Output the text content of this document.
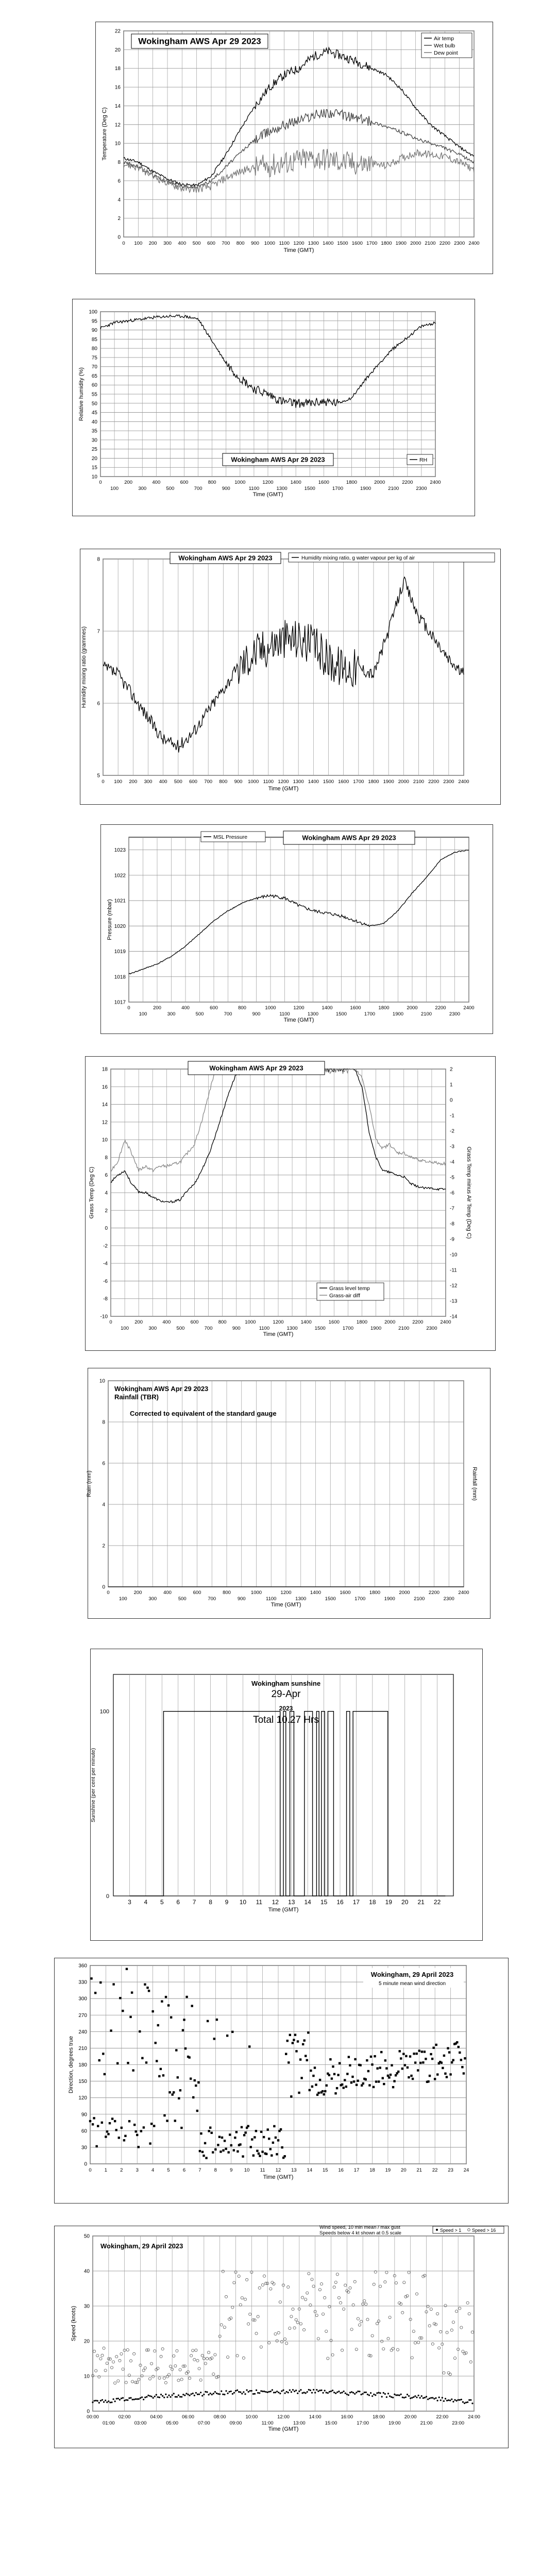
0
2
4
6
8
10
12
14
16
18
20
22
0 100 200 300 400 500 600 700 800 900 1000 1100 1200 1300 1400 1500 1600 1700 1800 1900 2000 2100 2200 2300 2400
Time (GMT)
Temperature (Deg C)
Wokingham AWS Apr 29 2023	Air temp
Wet bulb
Dew point
10
15
20
25
30
35
40
45
50
55
60
65
70
75
80
85
90
95
100
0	200	400	600	800	1000	1200	1400	1600	1800	2000	2200	2400
100	300	500	700	900	1100	1300	1500	1700	1900	2100	2300
Time (GMT)
Relative humidity (%)
Wokingham AWS Apr 29 2023	RH
5
6
7
8
0 100 200 300 400 500 600 700 800 900 1000 1100 1200 1300 1400 1500 1600 1700 1800 1900 2000 2100 2200 2300 2400
Time (GMT)
Humidity mixing ratio (grammes)
Wokingham AWS Apr 29 2023	Humidity mixing ratio, g water vapour per kg of air
1017
1018
1019
1020
1021
1022
1023
0	200	400	600	800	1000	1200	1400	1600	1800	2000	2200	2400
100	300	500	700	900	1100	1300	1500	1700	1900	2100	2300
Time (GMT)
Pressure (mbar)
Wokingham AWS Apr 29 2023
MSL Pressure
-10
-8
-6
-4
-2
0
2
4
6
8
10
12
14
16
18
0	200	400	600	800	1000	1200	1400	1600	1800	2000	2200	2400
100	300	500	700	900	1100	1300	1500	1700	1900	2100	2300
Time (GMT)
Grass Temp (Deg C)
Wokingham AWS Apr 29 2023
Grass level temp
Grass-air diff
-14
-13
-12
-11
-10
-9
-8
-7
-6
-5
-4
-3
-2
-1
0
1
2
Grass Temp minus Air Temp (Deg C)
0
2
4
6
8
10
0	200	400	600	800	1000	1200	1400	1600	1800	2000	2200	2400
100	300	500	700	900	1100	1300	1500	1700	1900	2100	2300
Time (GMT)
Rain (mm)
Wokingham AWS Apr 29 2023
Rainfall (TBR)
Corrected to equivalent of the standard gauge
Rainfall (mm)
3 4 5 6 7 8 9 10 11 12 13 14 15 16 17 18 19 20 21 22
0
100
Time (GMT)
Sunshine (per cent per minute)
Wokingham sunshine
29-Apr
2023
Total 10.27 Hrs
0
30
60
90
120
150
180
210
240
270
300
330
360
0	1	2	3	4	5	6	7	8	9 10 11 12 13 14 15 16 17 18 19 20 21 22 23 24
Time (GMT)
Direction, degrees true
Wokingham, 29 April 2023
5 minute mean wind direction
0
10
20
30
40
50
00:00	02:00	04:00	06:00	08:00	10:00	12:00	14:00	16:00	18:00	20:00	22:00	24:00
01:00	03:00	05:00	07:00	09:00	11:00	13:00	15:00	17:00	19:00	21:00	23:00
Time (GMT)
Speed (knots)
Wokingham, 29 April 2023
Wind speed, 10 min mean / max gust
Speeds below 4 kt shown at 0.5 scale	Speed > 1 Speed > 16
